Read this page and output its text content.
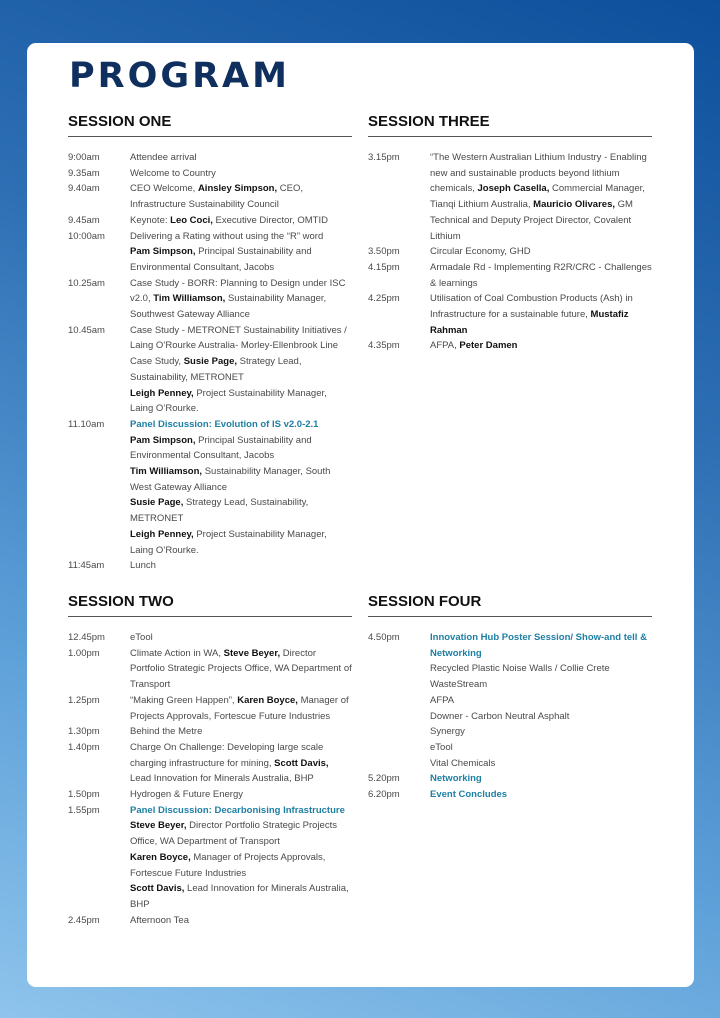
PROGRAM
SESSION ONE
9:00am	Attendee arrival
9.35am	Welcome to Country
9.40am	CEO Welcome, Ainsley Simpson, CEO, Infrastructure Sustainability Council
9.45am	Keynote: Leo Coci, Executive Director, OMTID
10:00am	Delivering a Rating without using the “R” word
Pam Simpson, Principal Sustainability and Environmental Consultant, Jacobs
10.25am	Case Study - BORR: Planning to Design under ISC v2.0, Tim Williamson, Sustainability Manager, Southwest Gateway Alliance
10.45am	Case Study - METRONET Sustainability Initiatives / Laing O’Rourke Australia- Morley-Ellenbrook Line Case Study, Susie Page, Strategy Lead, Sustainability, METRONET
Leigh Penney, Project Sustainability Manager, Laing O’Rourke.
11.10am	Panel Discussion: Evolution of IS v2.0-2.1
Pam Simpson, Principal Sustainability and Environmental Consultant, Jacobs
Tim Williamson, Sustainability Manager, South West Gateway Alliance
Susie Page, Strategy Lead, Sustainability, METRONET
Leigh Penney, Project Sustainability Manager, Laing O’Rourke.
11:45am	Lunch
SESSION THREE
3.15pm	“The Western Australian Lithium Industry - Enabling new and sustainable products beyond lithium chemicals, Joseph Casella, Commercial Manager, Tianqi Lithium Australia, Mauricio Olivares, GM Technical and Deputy Project Director, Covalent Lithium
3.50pm	Circular Economy, GHD
4.15pm	Armadale Rd - Implementing R2R/CRC - Challenges & learnings
4.25pm	Utilisation of Coal Combustion Products (Ash) in Infrastructure for a sustainable future, Mustafiz Rahman
4.35pm	AFPA, Peter Damen
SESSION TWO
12.45pm	eTool
1.00pm	Climate Action in WA, Steve Beyer, Director Portfolio Strategic Projects Office, WA Department of Transport
1.25pm	“Making Green Happen”, Karen Boyce, Manager of Projects Approvals, Fortescue Future Industries
1.30pm	Behind the Metre
1.40pm	Charge On Challenge: Developing large scale charging infrastructure for mining, Scott Davis, Lead Innovation for Minerals Australia, BHP
1.50pm	Hydrogen & Future Energy
1.55pm	Panel Discussion: Decarbonising Infrastructure
Steve Beyer, Director Portfolio Strategic Projects Office, WA Department of Transport
Karen Boyce, Manager of Projects Approvals, Fortescue Future Industries
Scott Davis, Lead Innovation for Minerals Australia, BHP
2.45pm	Afternoon Tea
SESSION FOUR
4.50pm	Innovation Hub Poster Session/ Show-and tell & Networking
Recycled Plastic Noise Walls / Collie Crete
WasteStream
AFPA
Downer - Carbon Neutral Asphalt
Synergy
eTool
Vital Chemicals
5.20pm	Networking
6.20pm	Event Concludes
